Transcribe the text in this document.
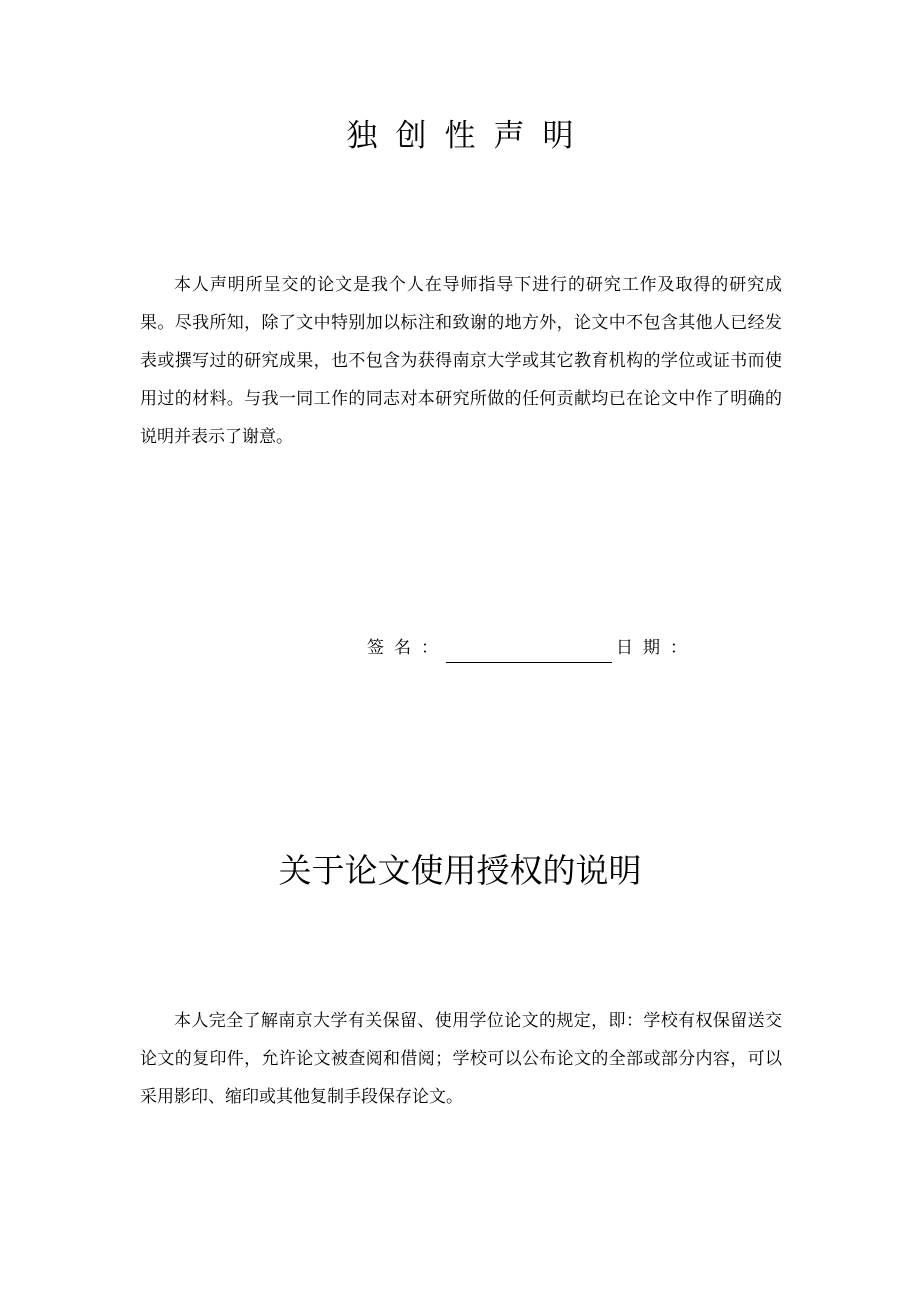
独创性声明

本人声明所呈交的论文是我个人在导师指导下进行的研究工作及取得的研究成果。尽我所知，除了文中特别加以标注和致谢的地方外，论文中不包含其他人已经发表或撰写过的研究成果，也不包含为获得南京大学或其它教育机构的学位或证书而使用过的材料。与我一同工作的同志对本研究所做的任何贡献均已在论文中作了明确的说明并表示了谢意。

签名：	日期：
关于论文使用授权的说明

本人完全了解南京大学有关保留、使用学位论文的规定，即：学校有权保留送交论文的复印件，允许论文被查阅和借阅；学校可以公布论文的全部或部分内容，可以采用影印、缩印或其他复制手段保存论文。
